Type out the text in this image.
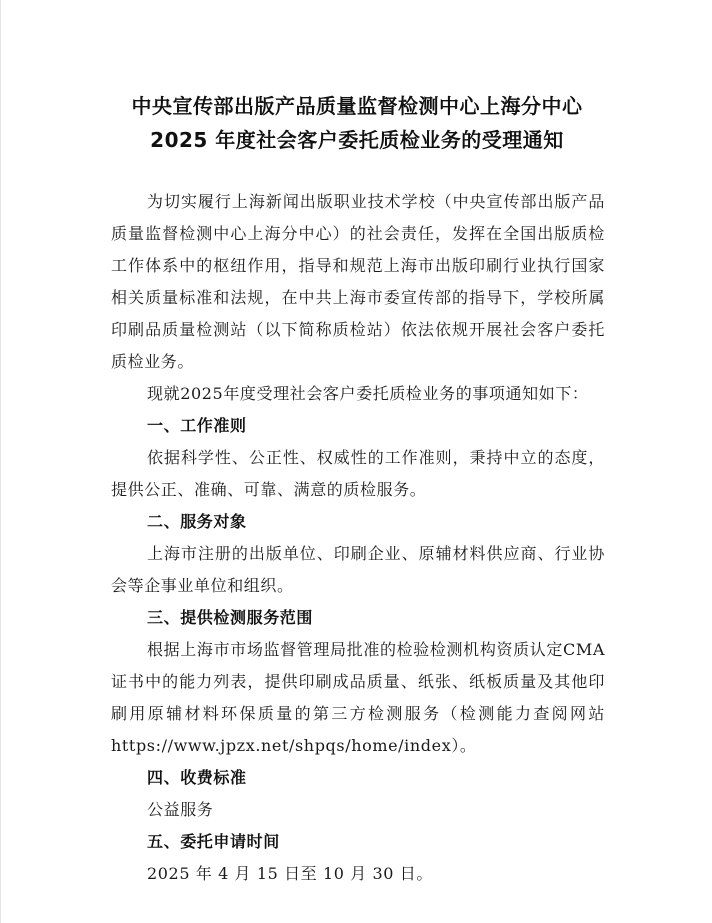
中央宣传部出版产品质量监督检测中心上海分中心
2025 年度社会客户委托质检业务的受理通知
为切实履行上海新闻出版职业技术学校（中央宣传部出版产品质量监督检测中心上海分中心）的社会责任，发挥在全国出版质检工作体系中的枢纽作用，指导和规范上海市出版印刷行业执行国家相关质量标准和法规，在中共上海市委宣传部的指导下，学校所属印刷品质量检测站（以下简称质检站）依法依规开展社会客户委托质检业务。
现就2025年度受理社会客户委托质检业务的事项通知如下：
一、工作准则
依据科学性、公正性、权威性的工作准则，秉持中立的态度，提供公正、准确、可靠、满意的质检服务。
二、服务对象
上海市注册的出版单位、印刷企业、原辅材料供应商、行业协会等企事业单位和组织。
三、提供检测服务范围
根据上海市市场监督管理局批准的检验检测机构资质认定CMA 证书中的能力列表，提供印刷成品质量、纸张、纸板质量及其他印刷用原辅材料环保质量的第三方检测服务（检测能力查阅网站 https://www.jpzx.net/shpqs/home/index）。
四、收费标准
公益服务
五、委托申请时间
2025 年 4 月 15 日至 10 月 30 日。
